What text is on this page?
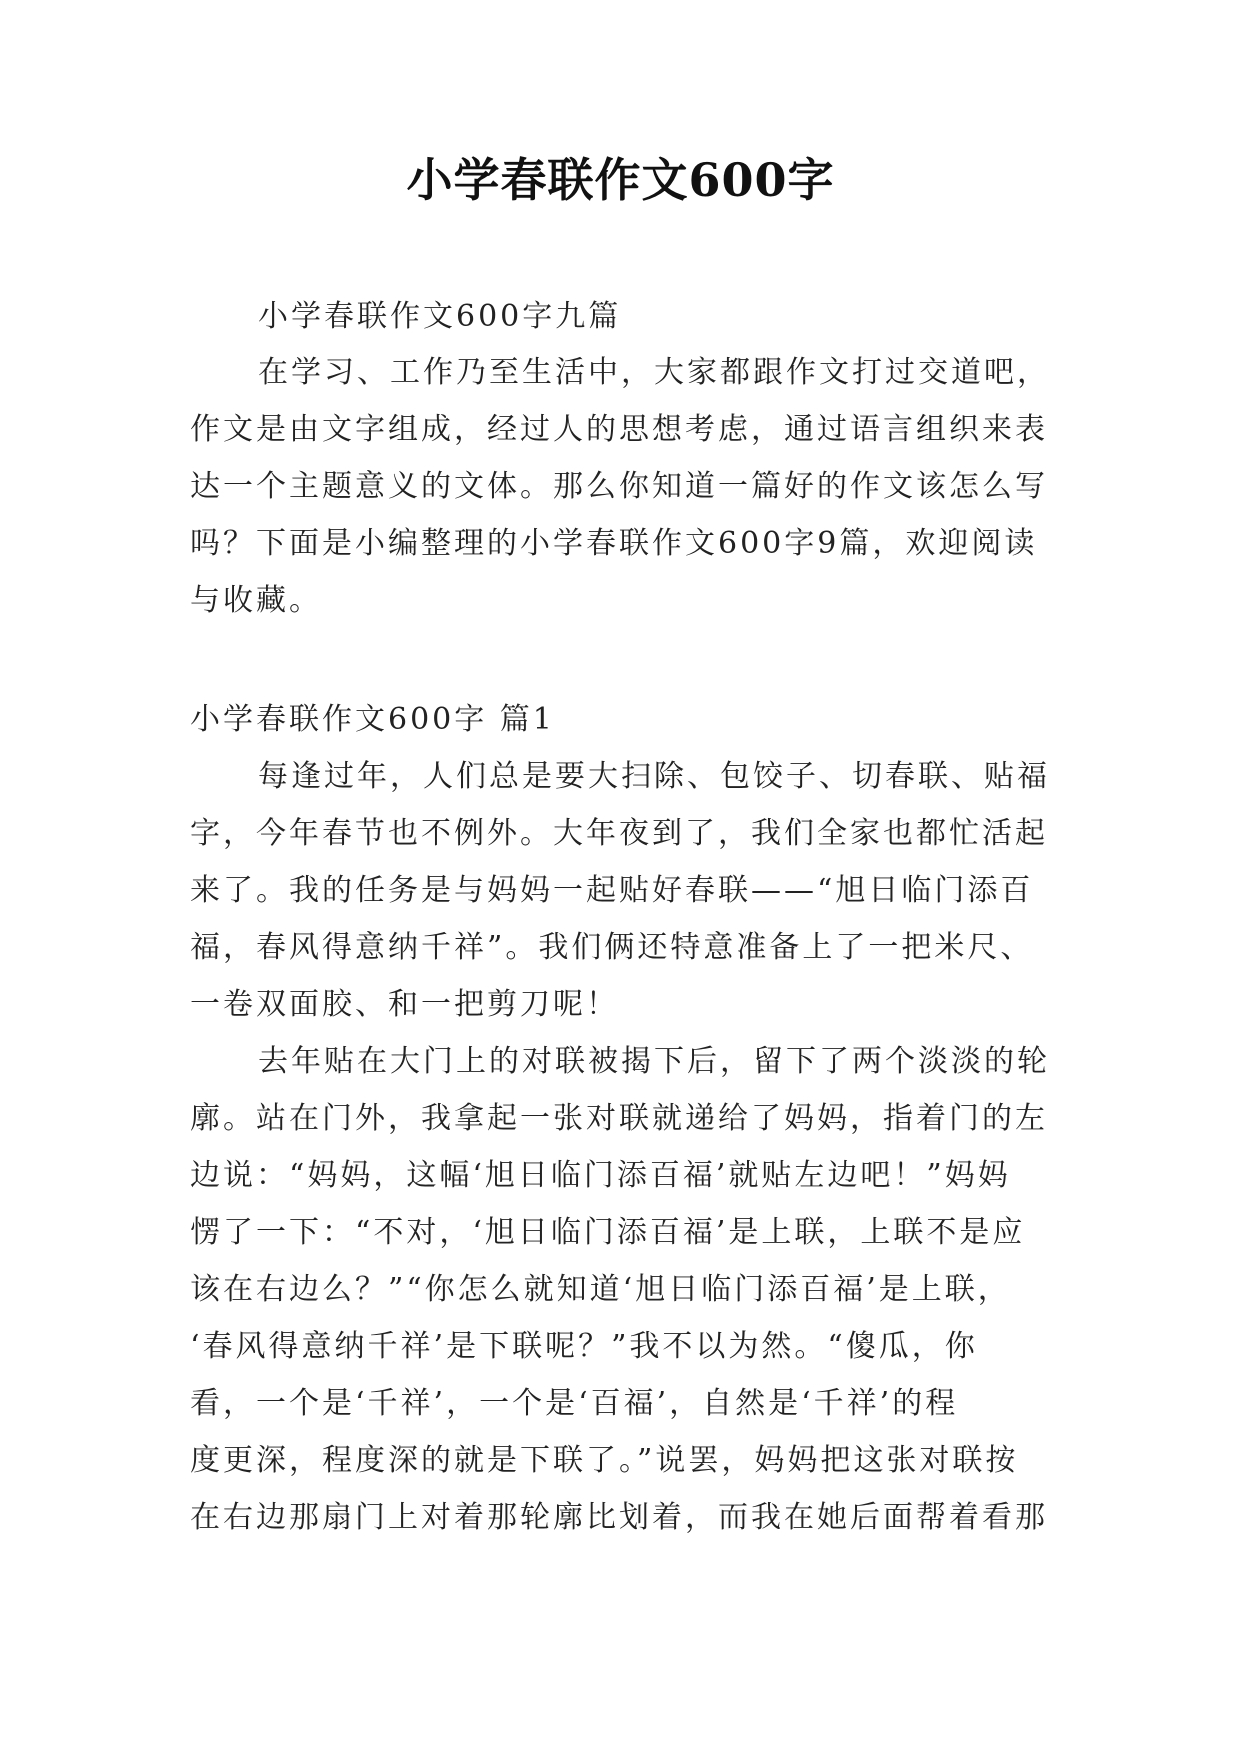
小学春联作文600字
小学春联作文600字九篇
在学习、工作乃至生活中，大家都跟作文打过交道吧，
作文是由文字组成，经过人的思想考虑，通过语言组织来表
达一个主题意义的文体。那么你知道一篇好的作文该怎么写
吗？下面是小编整理的小学春联作文600字9篇，欢迎阅读
与收藏。
小学春联作文600字 篇1
每逢过年，人们总是要大扫除、包饺子、切春联、贴福
字，今年春节也不例外。大年夜到了，我们全家也都忙活起
来了。我的任务是与妈妈一起贴好春联——“旭日临门添百
福，春风得意纳千祥”。我们俩还特意准备上了一把米尺、
一卷双面胶、和一把剪刀呢！
去年贴在大门上的对联被揭下后，留下了两个淡淡的轮
廓。站在门外，我拿起一张对联就递给了妈妈，指着门的左
边说：“妈妈，这幅‘旭日临门添百福’就贴左边吧！”妈妈
愣了一下：“不对，‘旭日临门添百福’是上联，上联不是应
该在右边么？”“你怎么就知道‘旭日临门添百福’是上联，
‘春风得意纳千祥’是下联呢？”我不以为然。“傻瓜，你
看，一个是‘千祥’，一个是‘百福’，自然是‘千祥’的程
度更深，程度深的就是下联了。”说罢，妈妈把这张对联按
在右边那扇门上对着那轮廓比划着，而我在她后面帮着看那
